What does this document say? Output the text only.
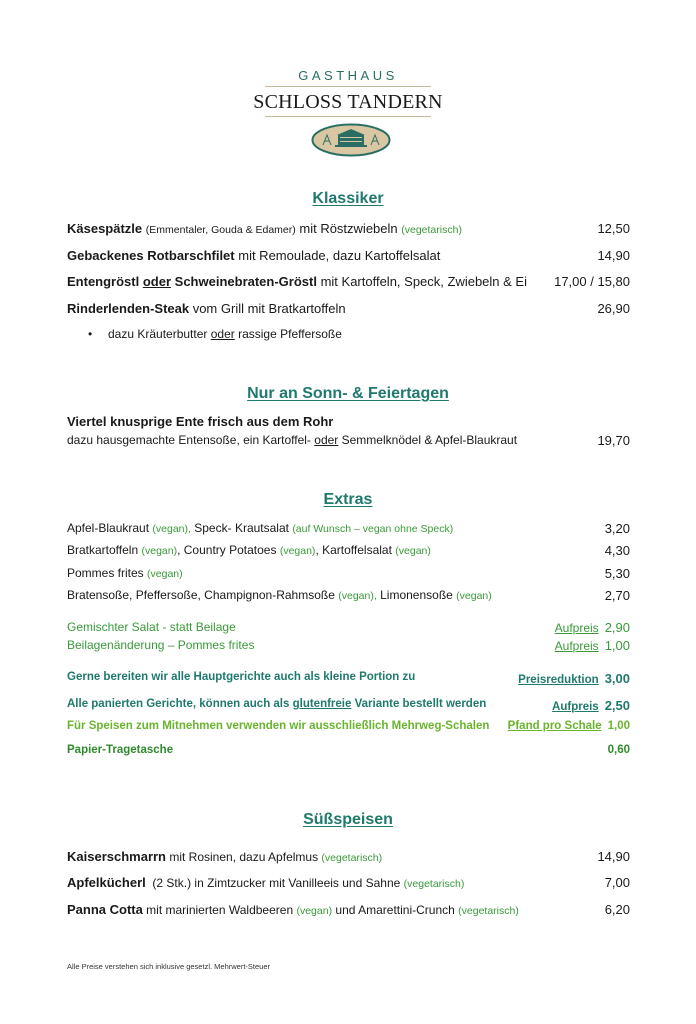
GASTHAUS
SCHLOSS TANDERN
Klassiker
Käsespätzle (Emmentaler, Gouda & Edamer) mit Röstzwiebeln (vegetarisch)	12,50
Gebackenes Rotbarschfilet mit Remoulade, dazu Kartoffelsalat	14,90
Entengröstl oder Schweinebraten-Gröstl mit Kartoffeln, Speck, Zwiebeln & Ei 17,00 / 15,80
Rinderlenden-Steak vom Grill mit Bratkartoffeln	26,90
• dazu Kräuterbutter oder rassige Pfeffersoße
Nur an Sonn- & Feiertagen
Viertel knusprige Ente frisch aus dem Rohr
dazu hausgemachte Entensoße, ein Kartoffel- oder Semmelknödel & Apfel-Blaukraut	19,70
Extras
Apfel-Blaukraut (vegan), Speck- Krautsalat (auf Wunsch – vegan ohne Speck)	3,20
Bratkartoffeln (vegan), Country Potatoes (vegan), Kartoffelsalat (vegan)	4,30
Pommes frites (vegan)	5,30
Bratensoße, Pfeffersoße, Champignon-Rahmsoße (vegan), Limonensoße (vegan)	2,70
Gemischter Salat - statt Beilage	Aufpreis 2,90
Beilagenänderung – Pommes frites	Aufpreis 1,00
Gerne bereiten wir alle Hauptgerichte auch als kleine Portion zu	Preisreduktion 3,00
Alle panierten Gerichte, können auch als glutenfreie Variante bestellt werden	Aufpreis 2,50
Für Speisen zum Mitnehmen verwenden wir ausschließlich Mehrweg-Schalen Pfand pro Schale 1,00
Papier-Tragetasche	0,60
Süßspeisen
Kaiserschmarrn mit Rosinen, dazu Apfelmus (vegetarisch)	14,90
Apfelkücherl  (2 Stk.) in Zimtzucker mit Vanilleeis und Sahne (vegetarisch)	7,00
Panna Cotta mit marinierten Waldbeeren (vegan) und Amarettini-Crunch (vegetarisch)	6,20
Alle Preise verstehen sich inklusive gesetzl. Mehrwert-Steuer
